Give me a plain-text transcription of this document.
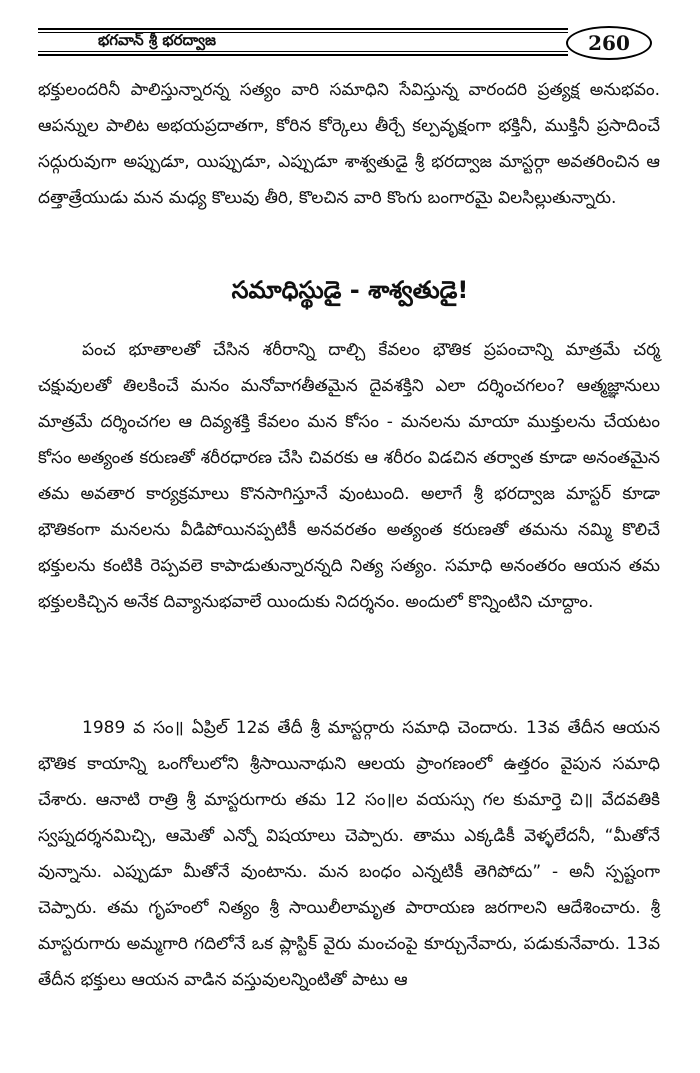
భగవాన్ శ్రీ భరద్వాజ	260
భక్తులందరినీ పాలిస్తున్నారన్న సత్యం వారి సమాధిని సేవిస్తున్న వారందరి ప్రత్యక్ష అనుభవం. ఆపన్నుల పాలిట అభయప్రదాతగా, కోరిన కోర్కెలు తీర్చే కల్పవృక్షంగా భక్తినీ, ముక్తినీ ప్రసాదించే సద్గురువుగా అప్పుడూ, యిప్పుడూ, ఎప్పుడూ శాశ్వతుడై శ్రీ భరద్వాజ మాస్టర్గా అవతరించిన ఆ దత్తాత్రేయుడు మన మధ్య కొలువు తీరి, కొలచిన వారి కొంగు బంగారమై విలసిల్లుతున్నారు.
సమాధిస్థుడై - శాశ్వతుడై!
పంచ భూతాలతో చేసిన శరీరాన్ని దాల్చి కేవలం భౌతిక ప్రపంచాన్ని మాత్రమే చర్మ చక్షువులతో తిలకించే మనం మనోవాగతీతమైన దైవశక్తిని ఎలా దర్శించగలం? ఆత్మజ్ఞానులు మాత్రమే దర్శించగల ఆ దివ్యశక్తి కేవలం మన కోసం - మనలను మాయా ముక్తులను చేయటం కోసం అత్యంత కరుణతో శరీరధారణ చేసి చివరకు ఆ శరీరం విడచిన తర్వాత కూడా అనంతమైన తమ అవతార కార్యక్రమాలు కొనసాగిస్తూనే వుంటుంది. అలాగే శ్రీ భరద్వాజ మాస్టర్ కూడా భౌతికంగా మనలను వీడిపోయినప్పటికీ అనవరతం అత్యంత కరుణతో తమను నమ్మి కొలిచే భక్తులను కంటికి రెప్పవలె కాపాడుతున్నారన్నది నిత్య సత్యం. సమాధి అనంతరం ఆయన తమ భక్తులకిచ్చిన అనేక దివ్యానుభవాలే యిందుకు నిదర్శనం. అందులో కొన్నింటిని చూద్దాం.
1989 వ సం॥ ఏప్రిల్ 12వ తేదీ శ్రీ మాస్టర్గారు సమాధి చెందారు. 13వ తేదీన ఆయన భౌతిక కాయాన్ని ఒంగోలులోని శ్రీసాయినాథుని ఆలయ ప్రాంగణంలో ఉత్తరం వైపున సమాధి చేశారు. ఆనాటి రాత్రి శ్రీ మాస్టరుగారు తమ 12 సం॥ల వయస్సు గల కుమార్తె చి॥ వేదవతికి స్వప్నదర్శనమిచ్చి, ఆమెతో ఎన్నో విషయాలు చెప్పారు. తాము ఎక్కడికీ వెళ్ళలేదనీ, “మీతోనే వున్నాను. ఎప్పుడూ మీతోనే వుంటాను. మన బంధం ఎన్నటికీ తెగిపోదు” - అనీ స్పష్టంగా చెప్పారు. తమ గృహంలో నిత్యం శ్రీ సాయిలీలామృత పారాయణ జరగాలని ఆదేశించారు. శ్రీ మాస్టరుగారు అమ్మగారి గదిలోనే ఒక ప్లాస్టిక్ వైరు మంచంపై కూర్చునేవారు, పడుకునేవారు. 13వ తేదీన భక్తులు ఆయన వాడిన వస్తువులన్నింటితో పాటు ఆ
